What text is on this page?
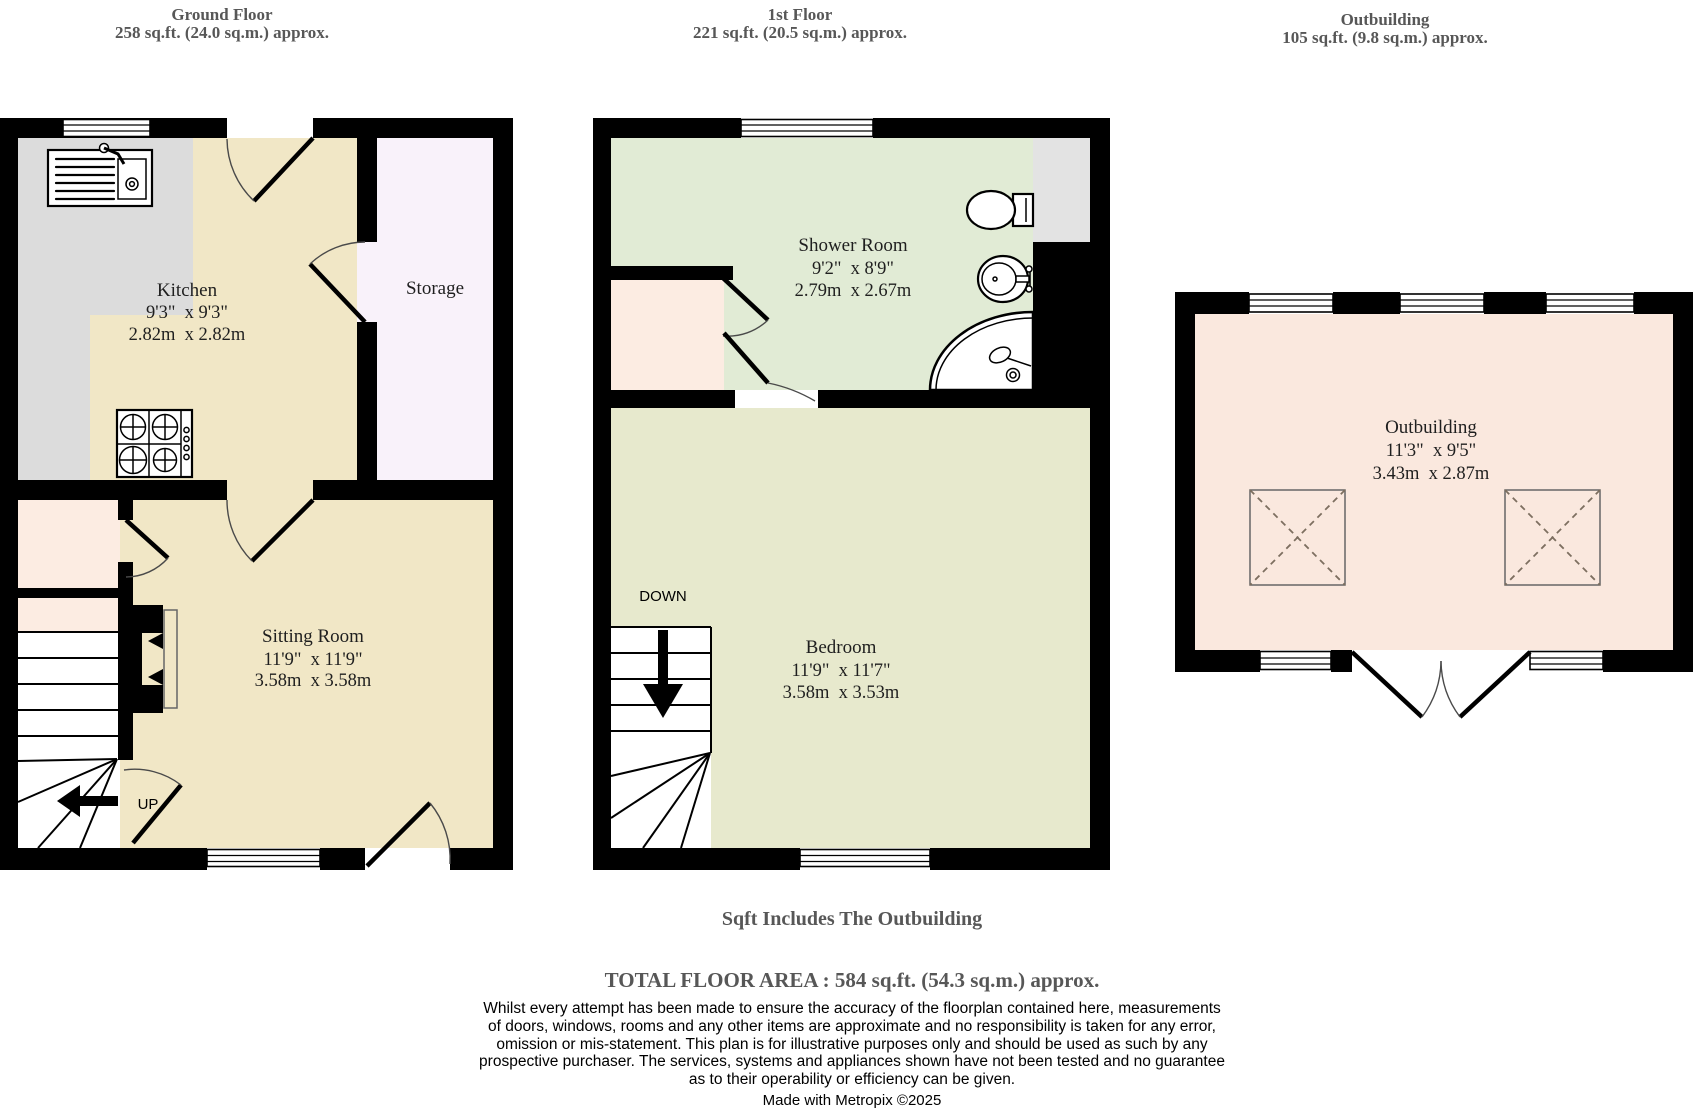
Ground Floor
258 sq.ft. (24.0 sq.m.) approx.
1st Floor
221 sq.ft. (20.5 sq.m.) approx.
Outbuilding
105 sq.ft. (9.8 sq.m.) approx.
Kitchen
9'3"  x 9'3"
2.82m  x 2.82m
Storage
Sitting Room
11'9"  x 11'9"
3.58m  x 3.58m
UP
Shower Room
9'2"  x 8'9"
2.79m  x 2.67m
Bedroom
11'9"  x 11'7"
3.58m  x 3.53m
DOWN
Outbuilding
11'3"  x 9'5"
3.43m  x 2.87m
Sqft Includes The Outbuilding
TOTAL FLOOR AREA : 584 sq.ft. (54.3 sq.m.) approx.
Whilst every attempt has been made to ensure the accuracy of the floorplan contained here, measurements
of doors, windows, rooms and any other items are approximate and no responsibility is taken for any error,
omission or mis-statement. This plan is for illustrative purposes only and should be used as such by any
prospective purchaser. The services, systems and appliances shown have not been tested and no guarantee
as to their operability or efficiency can be given.
Made with Metropix ©2025
